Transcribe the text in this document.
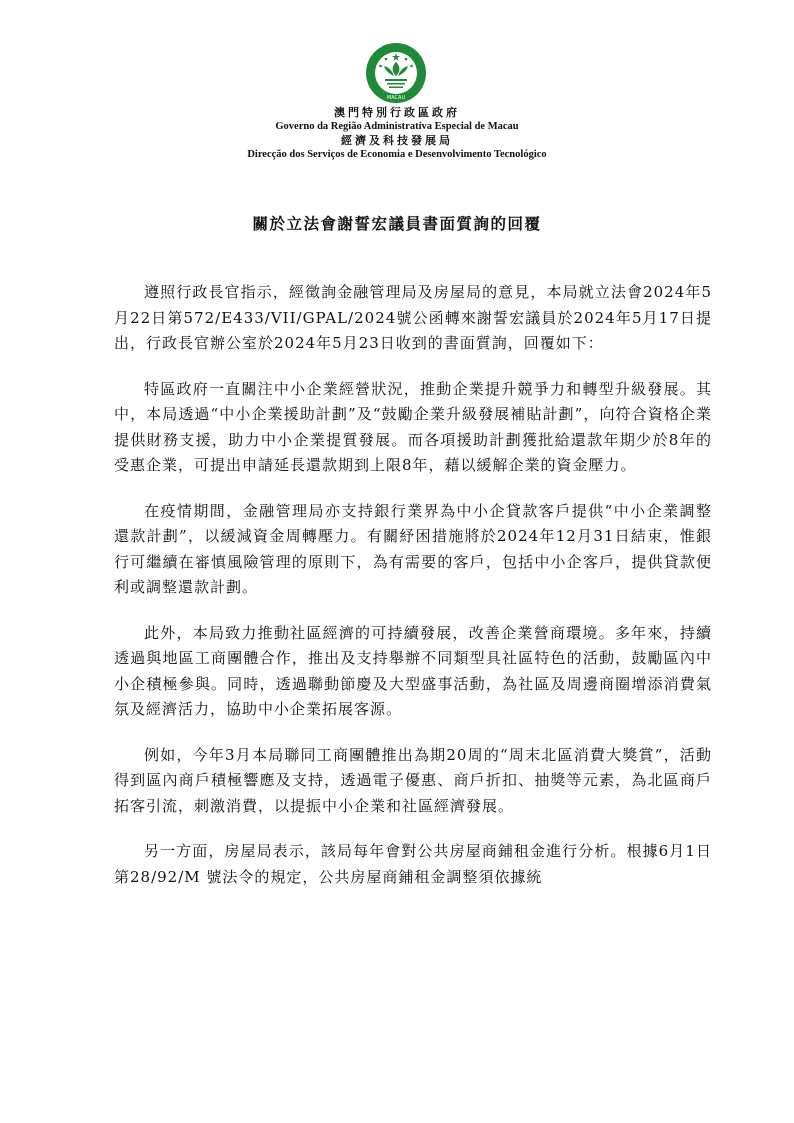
MACAU
澳門特別行政區政府
Governo da Região Administrativa Especial de Macau
經濟及科技發展局
Direcção dos Serviços de Economia e Desenvolvimento Tecnológico
關於立法會謝誓宏議員書面質詢的回覆

遵照行政長官指示，經徵詢金融管理局及房屋局的意見，本局就立法會2024年5月22日第572/E433/VII/GPAL/2024號公函轉來謝誓宏議員於2024年5月17日提出，行政長官辦公室於2024年5月23日收到的書面質詢，回覆如下：

特區政府一直關注中小企業經營狀況，推動企業提升競爭力和轉型升級發展。其中，本局透過“中小企業援助計劃”及“鼓勵企業升級發展補貼計劃”，向符合資格企業提供財務支援，助力中小企業提質發展。而各項援助計劃獲批給還款年期少於8年的受惠企業，可提出申請延長還款期到上限8年，藉以緩解企業的資金壓力。

在疫情期間，金融管理局亦支持銀行業界為中小企貸款客戶提供“中小企業調整還款計劃”，以緩減資金周轉壓力。有關紓困措施將於2024年12月31日結束，惟銀行可繼續在審慎風險管理的原則下，為有需要的客戶，包括中小企客戶，提供貸款便利或調整還款計劃。

此外，本局致力推動社區經濟的可持續發展，改善企業營商環境。多年來，持續透過與地區工商團體合作，推出及支持舉辦不同類型具社區特色的活動，鼓勵區內中小企積極參與。同時，透過聯動節慶及大型盛事活動，為社區及周邊商圈增添消費氣氛及經濟活力，協助中小企業拓展客源。

例如，今年3月本局聯同工商團體推出為期20周的“周末北區消費大獎賞”，活動得到區內商戶積極響應及支持，透過電子優惠、商戶折扣、抽獎等元素，為北區商戶拓客引流，刺激消費，以提振中小企業和社區經濟發展。

另一方面，房屋局表示，該局每年會對公共房屋商鋪租金進行分析。根據6月1日第28/92/M 號法令的規定，公共房屋商鋪租金調整須依據統
